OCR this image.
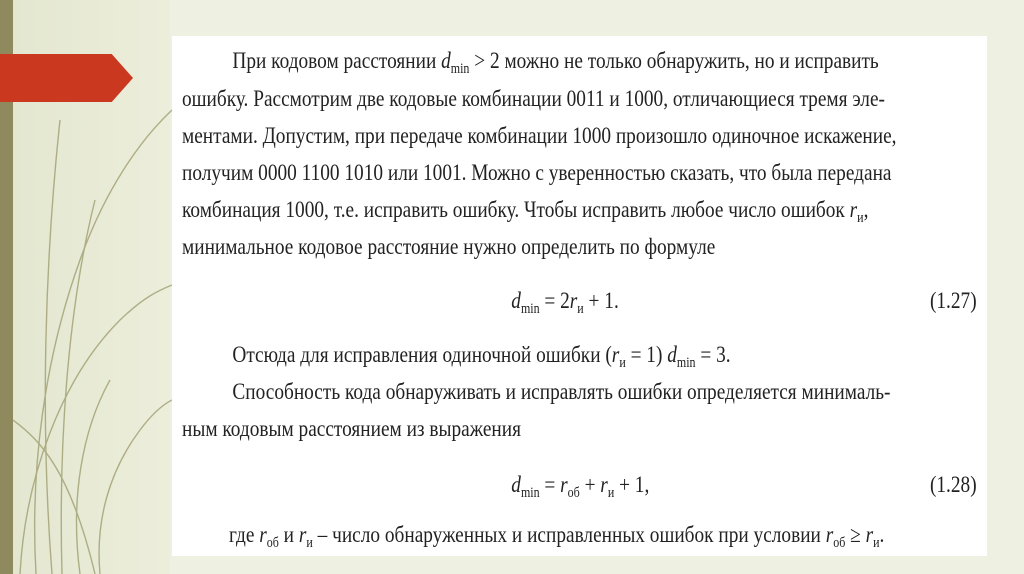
При кодовом расстоянии $d_{min} > 2$ можно не только обнаружить, но и исправить
ошибку. Рассмотрим две кодовые комбинации 0011 и 1000, отличающиеся тремя эле-
ментами. Допустим, при передаче комбинации 1000 произошло одиночное искажение,
получим 0000 1100 1010 или 1001. Можно с уверенностью сказать, что была передана
комбинация 1000, т.е. исправить ошибку. Чтобы исправить любое число ошибок $r_и$,
минимальное кодовое расстояние нужно определить по формуле
$d_{min} = 2r_и + 1$.	(1.27)
Отсюда для исправления одиночной ошибки $(r_и = 1) d_{min} = 3$.
Способность кода обнаруживать и исправлять ошибки определяется минималь-
ным кодовым расстоянием из выражения
$d_{min} = r_{об} + r_и + 1$,	(1.28)
где $r_{об}$ и $r_и$ – число обнаруженных и исправленных ошибок при условии $r_{об} \ge r_и$.
